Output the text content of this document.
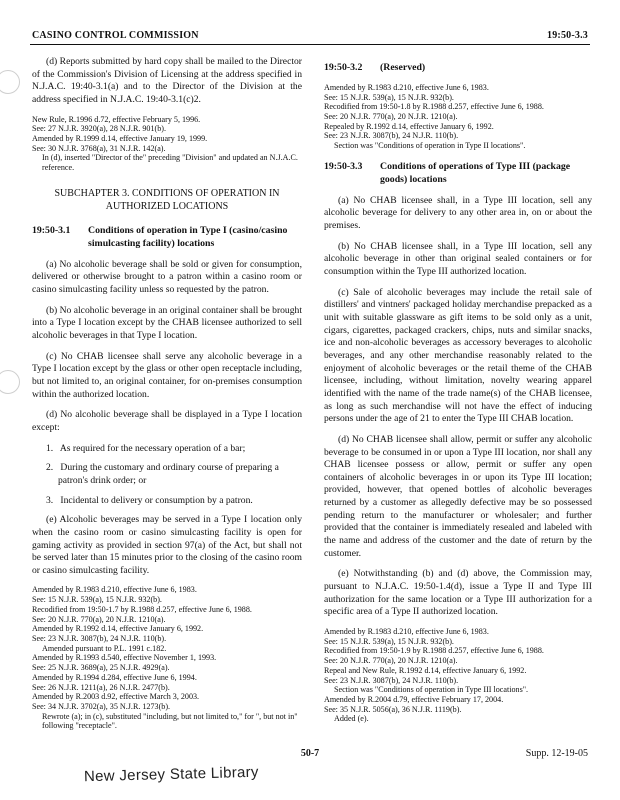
CASINO CONTROL COMMISSION	19:50-3.3

(d) Reports submitted by hard copy shall be mailed to the Director of the Commission's Division of Licensing at the address specified in N.J.A.C. 19:40-3.1(a) and to the Director of the Division at the address specified in N.J.A.C. 19:40-3.1(c)2.

New Rule, R.1996 d.72, effective February 5, 1996.
See: 27 N.J.R. 3920(a), 28 N.J.R. 901(b).
Amended by R.1999 d.14, effective January 19, 1999.
See: 30 N.J.R. 3768(a), 31 N.J.R. 142(a).
In (d), inserted "Director of the" preceding "Division" and updated an N.J.A.C. reference.
SUBCHAPTER 3. CONDITIONS OF OPERATION IN AUTHORIZED LOCATIONS
19:50-3.1	Conditions of operation in Type I (casino/casino simulcasting facility) locations

(a) No alcoholic beverage shall be sold or given for consumption, delivered or otherwise brought to a patron within a casino room or casino simulcasting facility unless so requested by the patron.

(b) No alcoholic beverage in an original container shall be brought into a Type I location except by the CHAB licensee authorized to sell alcoholic beverages in that Type I location.

(c) No CHAB licensee shall serve any alcoholic beverage in a Type I location except by the glass or other open receptacle including, but not limited to, an original container, for on-premises consumption within the authorized location.

(d) No alcoholic beverage shall be displayed in a Type I location except:

1. As required for the necessary operation of a bar;
2. During the customary and ordinary course of preparing a patron's drink order; or
3. Incidental to delivery or consumption by a patron.

(e) Alcoholic beverages may be served in a Type I location only when the casino room or casino simulcasting facility is open for gaming activity as provided in section 97(a) of the Act, but shall not be served later than 15 minutes prior to the closing of the casino room or casino simulcasting facility.

Amended by R.1983 d.210, effective June 6, 1983.
See: 15 N.J.R. 539(a), 15 N.J.R. 932(b).
Recodified from 19:50-1.7 by R.1988 d.257, effective June 6, 1988.
See: 20 N.J.R. 770(a), 20 N.J.R. 1210(a).
Amended by R.1992 d.14, effective January 6, 1992.
See: 23 N.J.R. 3087(b), 24 N.J.R. 110(b).
Amended pursuant to P.L. 1991 c.182.
Amended by R.1993 d.540, effective November 1, 1993.
See: 25 N.J.R. 3689(a), 25 N.J.R. 4929(a).
Amended by R.1994 d.284, effective June 6, 1994.
See: 26 N.J.R. 1211(a), 26 N.J.R. 2477(b).
Amended by R.2003 d.92, effective March 3, 2003.
See: 34 N.J.R. 3702(a), 35 N.J.R. 1273(b).
Rewrote (a); in (c), substituted "including, but not limited to," for ", but not in" following "receptacle".
19:50-3.2	(Reserved)
Amended by R.1983 d.210, effective June 6, 1983.
See: 15 N.J.R. 539(a), 15 N.J.R. 932(b).
Recodified from 19:50-1.8 by R.1988 d.257, effective June 6, 1988.
See: 20 N.J.R. 770(a), 20 N.J.R. 1210(a).
Repealed by R.1992 d.14, effective January 6, 1992.
See: 23 N.J.R. 3087(b), 24 N.J.R. 110(b).
Section was "Conditions of operation in Type II locations".
19:50-3.3	Conditions of operations of Type III (package goods) locations

(a) No CHAB licensee shall, in a Type III location, sell any alcoholic beverage for delivery to any other area in, on or about the premises.

(b) No CHAB licensee shall, in a Type III location, sell any alcoholic beverage in other than original sealed containers or for consumption within the Type III authorized location.

(c) Sale of alcoholic beverages may include the retail sale of distillers' and vintners' packaged holiday merchandise prepacked as a unit with suitable glassware as gift items to be sold only as a unit, cigars, cigarettes, packaged crackers, chips, nuts and similar snacks, ice and non-alcoholic beverages as accessory beverages to alcoholic beverages, and any other merchandise reasonably related to the enjoyment of alcoholic beverages or the retail theme of the CHAB licensee, including, without limitation, novelty wearing apparel identified with the name of the trade name(s) of the CHAB licensee, as long as such merchandise will not have the effect of inducing persons under the age of 21 to enter the Type III CHAB location.

(d) No CHAB licensee shall allow, permit or suffer any alcoholic beverage to be consumed in or upon a Type III location, nor shall any CHAB licensee possess or allow, permit or suffer any open containers of alcoholic beverages in or upon its Type III location; provided, however, that opened bottles of alcoholic beverages returned by a customer as allegedly defective may be so possessed pending return to the manufacturer or wholesaler; and further provided that the container is immediately resealed and labeled with the name and address of the customer and the date of return by the customer.

(e) Notwithstanding (b) and (d) above, the Commission may, pursuant to N.J.A.C. 19:50-1.4(d), issue a Type II and Type III authorization for the same location or a Type III authorization for a specific area of a Type II authorized location.

Amended by R.1983 d.210, effective June 6, 1983.
See: 15 N.J.R. 539(a), 15 N.J.R. 932(b).
Recodified from 19:50-1.9 by R.1988 d.257, effective June 6, 1988.
See: 20 N.J.R. 770(a), 20 N.J.R. 1210(a).
Repeal and New Rule, R.1992 d.14, effective January 6, 1992.
See: 23 N.J.R. 3087(b), 24 N.J.R. 110(b).
Section was "Conditions of operation in Type III locations".
Amended by R.2004 d.79, effective February 17, 2004.
See: 35 N.J.R. 5056(a), 36 N.J.R. 1119(b).
Added (e).
50-7	Supp. 12-19-05
New Jersey State Library
